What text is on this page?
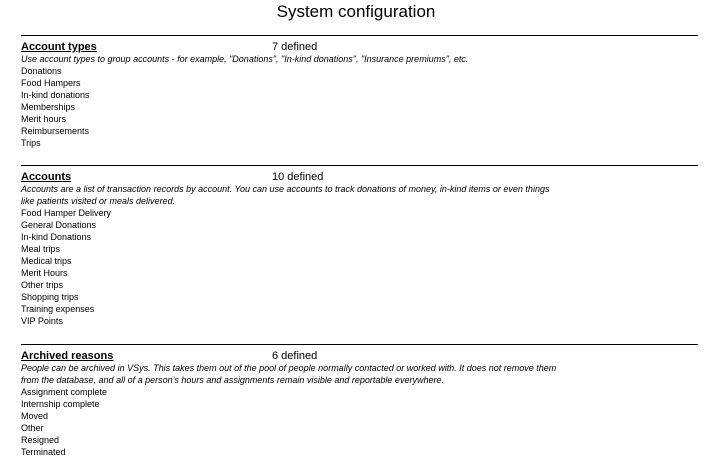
System configuration
Account types	7 defined
Use account types to group accounts - for example, "Donations", "In-kind donations", "Insurance premiums", etc.
Donations
Food Hampers
In-kind donations
Memberships
Merit hours
Reimbursements
Trips
Accounts	10 defined
Accounts are a list of transaction records by account. You can use accounts to track donations of money, in-kind items or even things like patients visited or meals delivered.
Food Hamper Delivery
General Donations
In-kind Donations
Meal trips
Medical trips
Merit Hours
Other trips
Shopping trips
Training expenses
VIP Points
Archived reasons	6 defined
People can be archived in VSys. This takes them out of the pool of people normally contacted or worked with. It does not remove them from the database, and all of a person's hours and assignments remain visible and reportable everywhere.
Assignment complete
Internship complete
Moved
Other
Resigned
Terminated
